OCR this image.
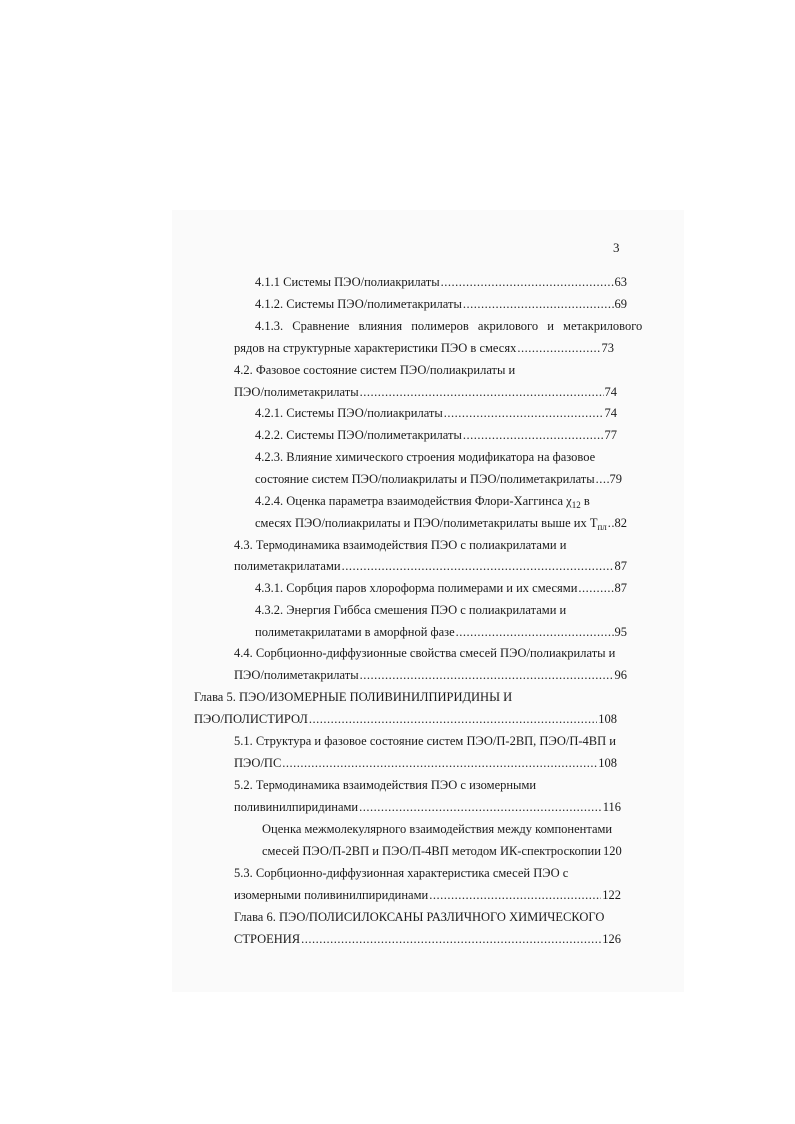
3
4.1.1 Системы ПЭО/полиакрилаты .....	63
4.1.2. Системы ПЭО/полиметакрилаты .....	69
4.1.3. Сравнение влияния полимеров акрилового и метакрилового
рядов на структурные характеристики ПЭО в смесях .....	73
4.2. Фазовое состояние систем ПЭО/полиакрилаты и
ПЭО/полиметакрилаты .....	74
4.2.1. Системы ПЭО/полиакрилаты .....	74
4.2.2. Системы ПЭО/полиметакрилаты .....	77
4.2.3. Влияние химического строения модификатора на фазовое
состояние систем ПЭО/полиакрилаты и ПЭО/полиметакрилаты ..... 79
4.2.4. Оценка параметра взаимодействия Флори-Хаггинса $\chi_{12}$ в
смесях ПЭО/полиакрилаты и ПЭО/полиметакрилаты выше их $Т_{пл}$ ..... 82
4.3. Термодинамика взаимодействия ПЭО с полиакрилатами и
полиметакрилатами .....	87
4.3.1. Сорбция паров хлороформа полимерами и их смесями .....	87
4.3.2. Энергия Гиббса смешения ПЭО с полиакрилатами и
полиметакрилатами в аморфной фазе .....	95
4.4. Сорбционно-диффузионные свойства смесей ПЭО/полиакрилаты и
ПЭО/полиметакрилаты .....	96
Глава 5. ПЭО/ИЗОМЕРНЫЕ ПОЛИВИНИЛПИРИДИНЫ И
ПЭО/ПОЛИСТИРОЛ .....	108
5.1. Структура и фазовое состояние систем ПЭО/П-2ВП, ПЭО/П-4ВП и
ПЭО/ПС .....	108
5.2. Термодинамика взаимодействия ПЭО с изомерными
поливинилпиридинами .....	116
Оценка межмолекулярного взаимодействия между компонентами
смесей ПЭО/П-2ВП и ПЭО/П-4ВП методом ИК-спектроскопии 120
5.3. Сорбционно-диффузионная характеристика смесей ПЭО с
изомерными поливинилпиридинами .....	122
Глава 6. ПЭО/ПОЛИСИЛОКСАНЫ РАЗЛИЧНОГО ХИМИЧЕСКОГО
СТРОЕНИЯ .....	126
